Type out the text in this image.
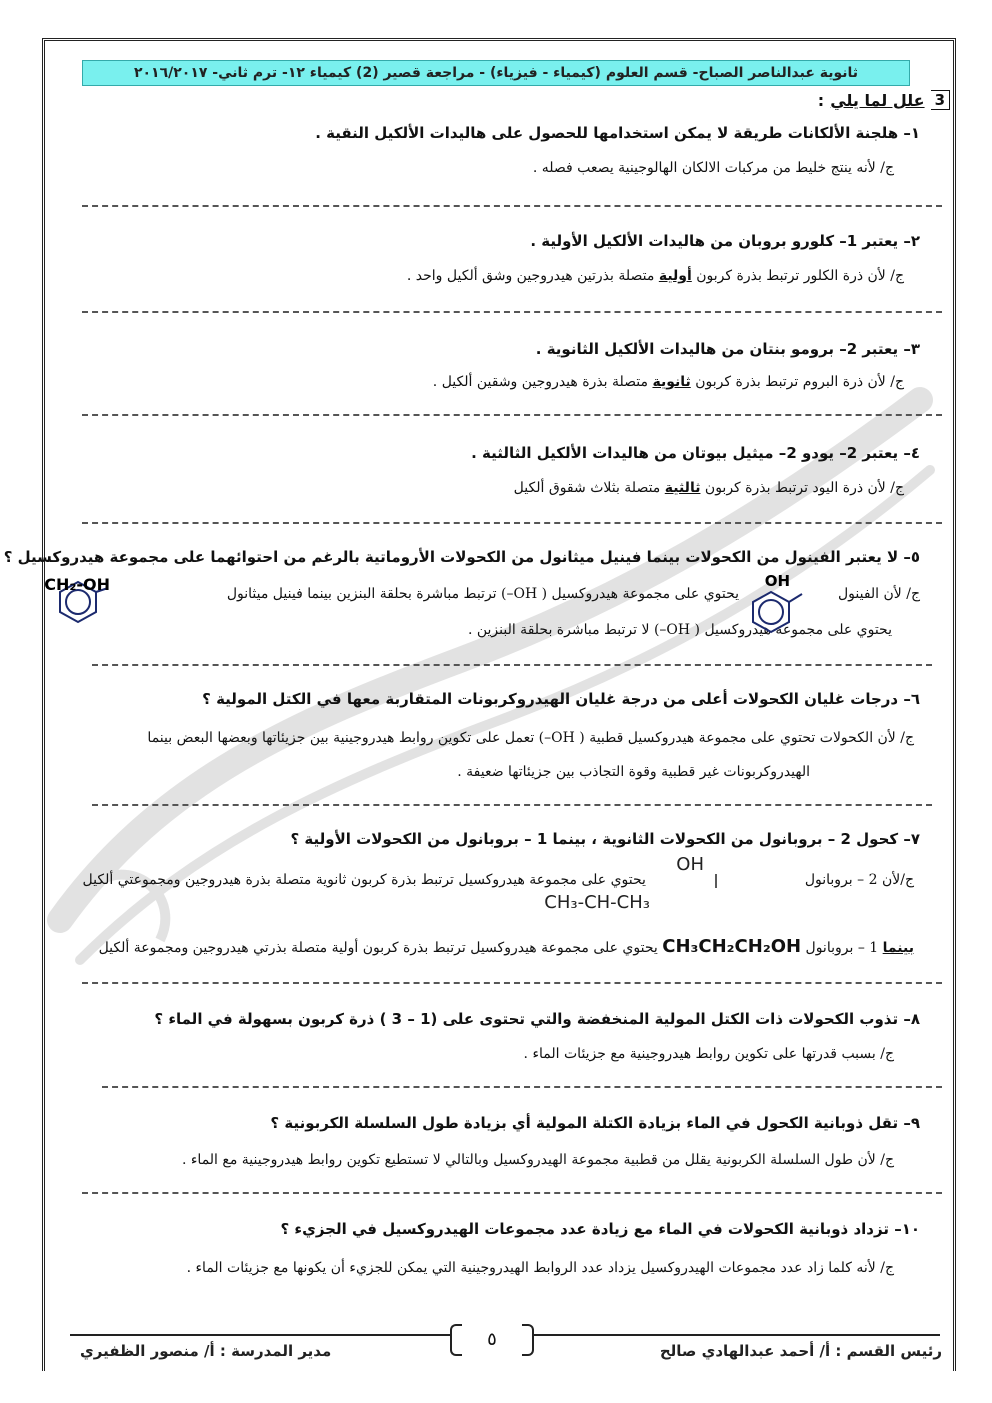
ثانوية عبدالناصر الصباح- قسم العلوم (كيمياء - فيزياء) - مراجعة قصير (2) كيمياء ١٢- ترم ثاني- ٢٠١٦/٢٠١٧
3
علل لما يلي
:
١– هلجنة الألكانات طريقة لا يمكن استخدامها للحصول على هاليدات الألكيل النقية .
ج/ لأنه ينتج خليط من مركبات الالكان الهالوجينية يصعب فصله .
٢– يعتبر 1– كلورو بروبان من هاليدات الألكيل الأولية .
ج/ لأن ذرة الكلور ترتبط بذرة كربون أولية متصلة بذرتين هيدروجين وشق ألكيل واحد .
٣– يعتبر 2– برومو بنتان من هاليدات الألكيل الثانوية .
ج/ لأن ذرة البروم ترتبط بذرة كربون ثانوية متصلة بذرة هيدروجين وشقين ألكيل .
٤– يعتبر 2– يودو 2– ميثيل بيوتان من هاليدات الألكيل الثالثية .
ج/ لأن ذرة اليود ترتبط بذرة كربون ثالثية متصلة بثلاث شقوق ألكيل
٥– لا يعتبر الفينول من الكحولات بينما فينيل ميثانول من الكحولات الأروماتية بالرغم من احتوائهما على مجموعة هيدروكسيل ؟
ج/ لأن الفينول  يحتوي على مجموعة هيدروكسيل ( OH–) ترتبط مباشرة بحلقة البنزين بينما فينيل ميثانول
يحتوي على مجموعة هيدروكسيل ( OH–) لا ترتبط مباشرة بحلقة البنزين .
OH
CH₂-OH
٦– درجات غليان الكحولات أعلى من درجة غليان الهيدروكربونات المتقاربة معها في الكتل المولية ؟
ج/ لأن الكحولات تحتوي على مجموعة هيدروكسيل قطبية ( OH–) تعمل على تكوين روابط هيدروجينية بين جزيئاتها وبعضها البعض بينما
الهيدروكربونات غير قطبية وقوة التجاذب بين جزيئاتها ضعيفة .
٧– كحول 2 – بروبانول من الكحولات الثانوية ، بينما 1 – بروبانول من الكحولات الأولية ؟
ج/لأن 2 – بروبانول  يحتوي على مجموعة هيدروكسيل ترتبط بذرة كربون ثانوية متصلة بذرة هيدروجين ومجموعتي ألكيل
OH
CH₃-CH-CH₃
بينما 1 – بروبانول CH₃CH₂CH₂OH يحتوي على مجموعة هيدروكسيل ترتبط بذرة كربون أولية متصلة بذرتي هيدروجين ومجموعة ألكيل
٨– تذوب الكحولات ذات الكتل المولية المنخفضة والتي تحتوى على (1 – 3 ) ذرة كربون بسهولة في الماء ؟
ج/ بسبب قدرتها على تكوين روابط هيدروجينية مع جزيئات الماء .
٩– تقل ذوبانية الكحول في الماء بزيادة الكتلة المولية أي بزيادة طول السلسلة الكربونية ؟
ج/ لأن طول السلسلة الكربونية يقلل من قطبية مجموعة الهيدروكسيل وبالتالي لا تستطيع تكوين روابط هيدروجينية مع الماء .
١٠– تزداد ذوبانية الكحولات في الماء مع زيادة عدد مجموعات الهيدروكسيل في الجزيء ؟
ج/ لأنه كلما زاد عدد مجموعات الهيدروكسيل يزداد عدد الروابط الهيدروجينية التي يمكن للجزيء أن يكونها مع جزيئات الماء .
٥
رئيس القسم : أ/ أحمد عبدالهادي صالح
مدير المدرسة : أ/ منصور الظفيري
